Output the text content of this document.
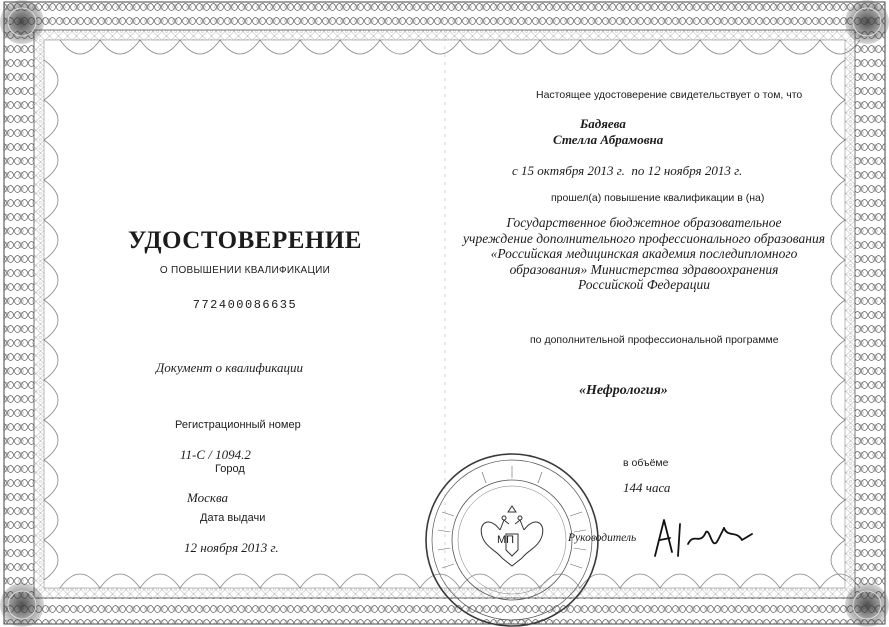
УДОСТОВЕРЕНИЕ
О ПОВЫШЕНИИ КВАЛИФИКАЦИИ
772400086635
Документ о квалификации
Регистрационный номер
11-С / 1094.2
Город
Москва
Дата выдачи
12 ноября 2013 г.
Настоящее удостоверение свидетельствует о том, что
Бадяева
Стелла Абрамовна
с 15 октября 2013 г. по 12 ноября 2013 г.
прошел(а) повышение квалификации в (на)
Государственное бюджетное образовательное
учреждение дополнительного профессионального образования
«Российская медицинская академия последипломного
образования» Министерства здравоохранения
Российской Федерации
по дополнительной профессиональной программе
«Нефрология»
в объёме
144 часа
МП	Руководитель
